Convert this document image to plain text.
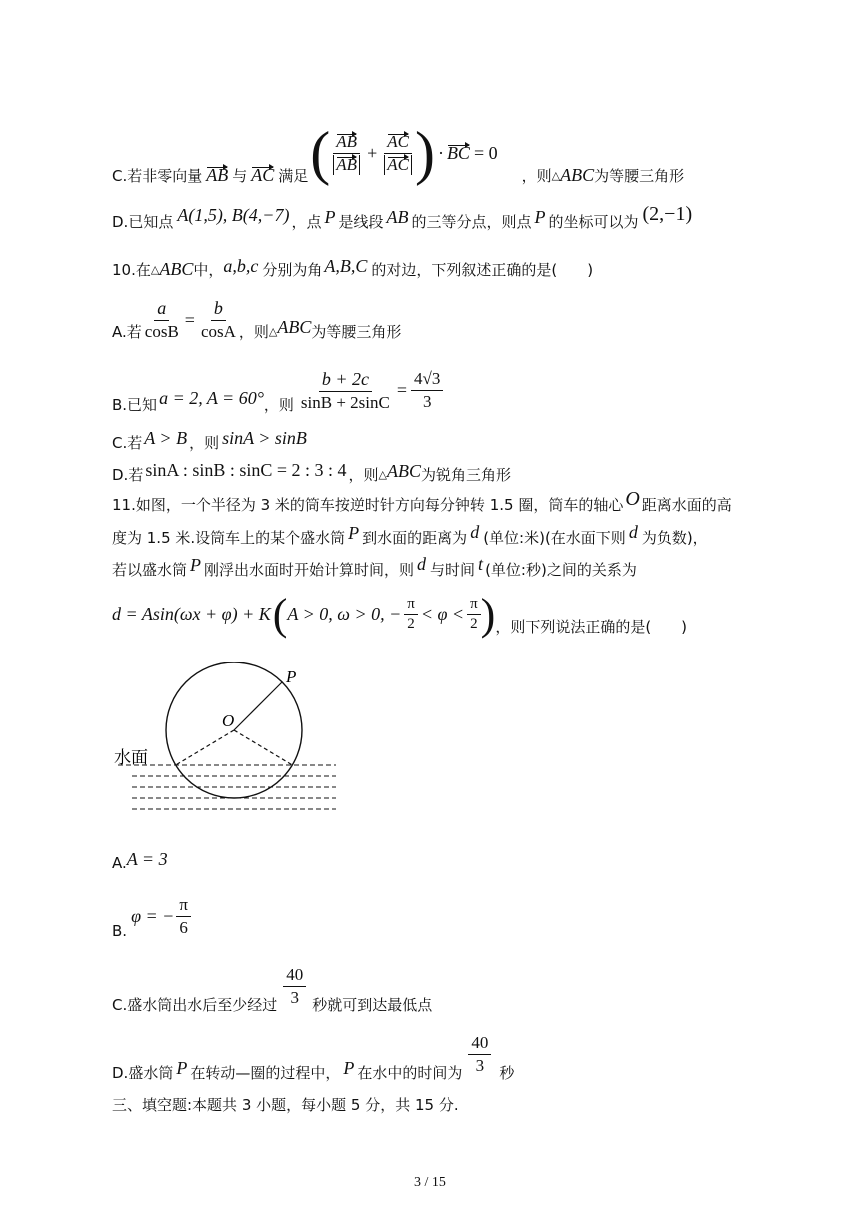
C.若非零向量 AB 与 AC 满足 ( $\frac{AB}{AB} + \frac{AC}{AC}$ ) · BC = 0
，则 △ ABC 为等腰三角形
D.已知点 A(1,5), B(4,−7) ，点 P 是线段 AB 的三等分点，则点 P 的坐标可以为 (2,−1)
10.在 △ ABC 中， a,b,c 分别为角 A,B,C 的对边，下列叙述正确的是(　　)
A.若 $\frac{a}{\cos B} = \frac{b}{\cos A}$ ，则 △ ABC 为等腰三角形
B.已知 a = 2, A = 60° ，则 $\frac{b + 2c}{\sin B + 2\sin C} = \frac{4√3}{3}$
C.若 A > B ，则 sinA > sinB
D.若 sinA : sinB : sinC = 2 : 3 : 4 ，则 △ ABC 为锐角三角形
11.如图，一个半径为 3 米的筒车按逆时针方向每分钟转 1.5 圈，筒车的轴心 O 距离水面的高
度为 1.5 米.设筒车上的某个盛水筒 P 到水面的距离为 d (单位:米)(在水面下则 d 为负数)，
若以盛水筒 P 刚浮出水面时开始计算时间，则 d 与时间 t (单位:秒)之间的关系为
d = Asin(ωx + φ) + K ( A > 0, ω > 0, − $\frac{\pi}{2} < \varphi < \frac{\pi}{2}$ ) ，则下列说法正确的是(　　)
P
O
水面
A. A = 3
B.
φ = − $\frac{\pi}{6}$
C.盛水筒出水后至少经过 $\frac{40}{3}$ 秒就可到达最低点
D.盛水筒 P 在转动—圈的过程中， P 在水中的时间为 $\frac{40}{3}$ 秒
三、填空题:本题共 3 小题，每小题 5 分，共 15 分.
3 / 15
